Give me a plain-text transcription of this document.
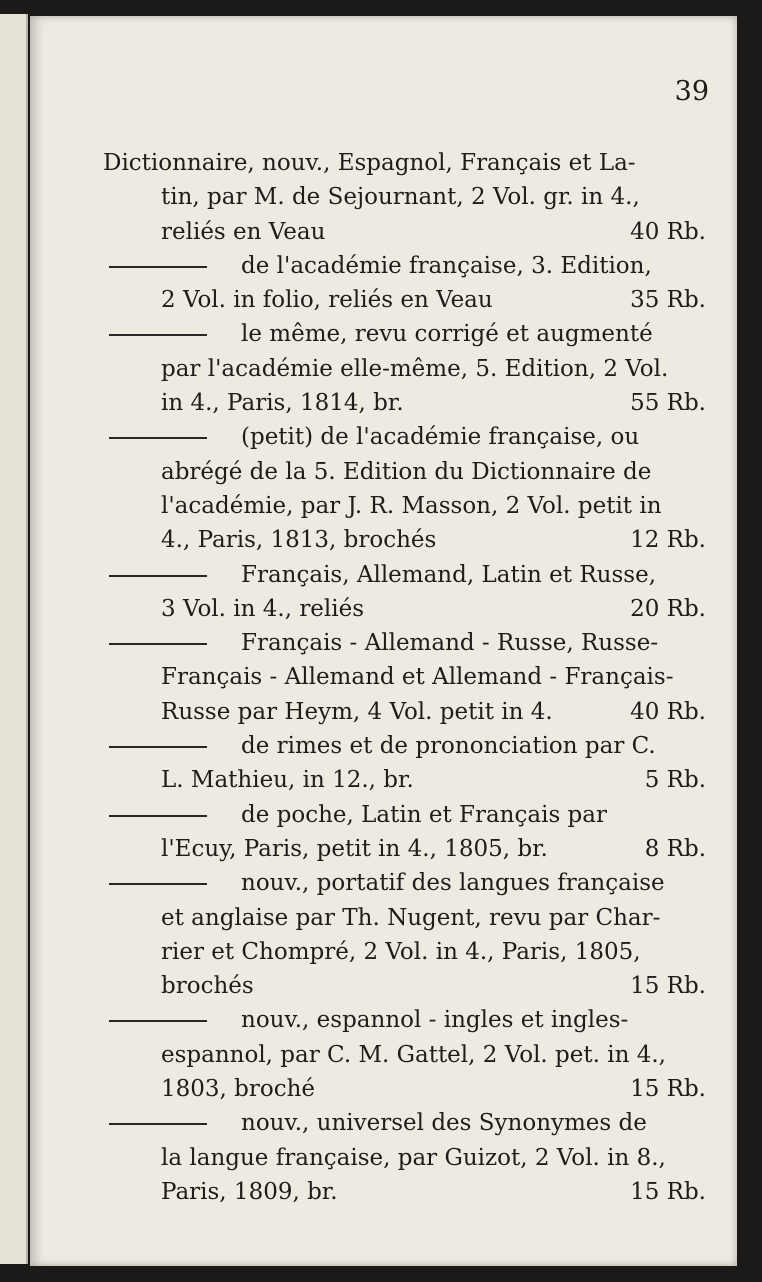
39
Dictionnaire, nouv., Espagnol, Français et La-
tin, par M. de Sejournant, 2 Vol. gr. in 4.,
reliés en Veau	40 Rb.
de l'académie française, 3. Edition,
2 Vol. in folio, reliés en Veau	35 Rb.
le même, revu corrigé et augmenté
par l'académie elle-même, 5. Edition, 2 Vol.
in 4., Paris, 1814, br.	55 Rb.
(petit) de l'académie française, ou
abrégé de la 5. Edition du Dictionnaire de
l'académie, par J. R. Masson, 2 Vol. petit in
4., Paris, 1813, brochés	12 Rb.
Français, Allemand, Latin et Russe,
3 Vol. in 4., reliés	20 Rb.
Français - Allemand - Russe, Russe-
Français - Allemand et Allemand - Français-
Russe par Heym, 4 Vol. petit in 4.	40 Rb.
de rimes et de prononciation par C.
L. Mathieu, in 12., br.	5 Rb.
de poche, Latin et Français par
l'Ecuy, Paris, petit in 4., 1805, br.	8 Rb.
nouv., portatif des langues française
et anglaise par Th. Nugent, revu par Char-
rier et Chompré, 2 Vol. in 4., Paris, 1805,
brochés	15 Rb.
nouv., espannol - ingles et ingles-
espannol, par C. M. Gattel, 2 Vol. pet. in 4.,
1803, broché	15 Rb.
nouv., universel des Synonymes de
la langue française, par Guizot, 2 Vol. in 8.,
Paris, 1809, br.	15 Rb.
